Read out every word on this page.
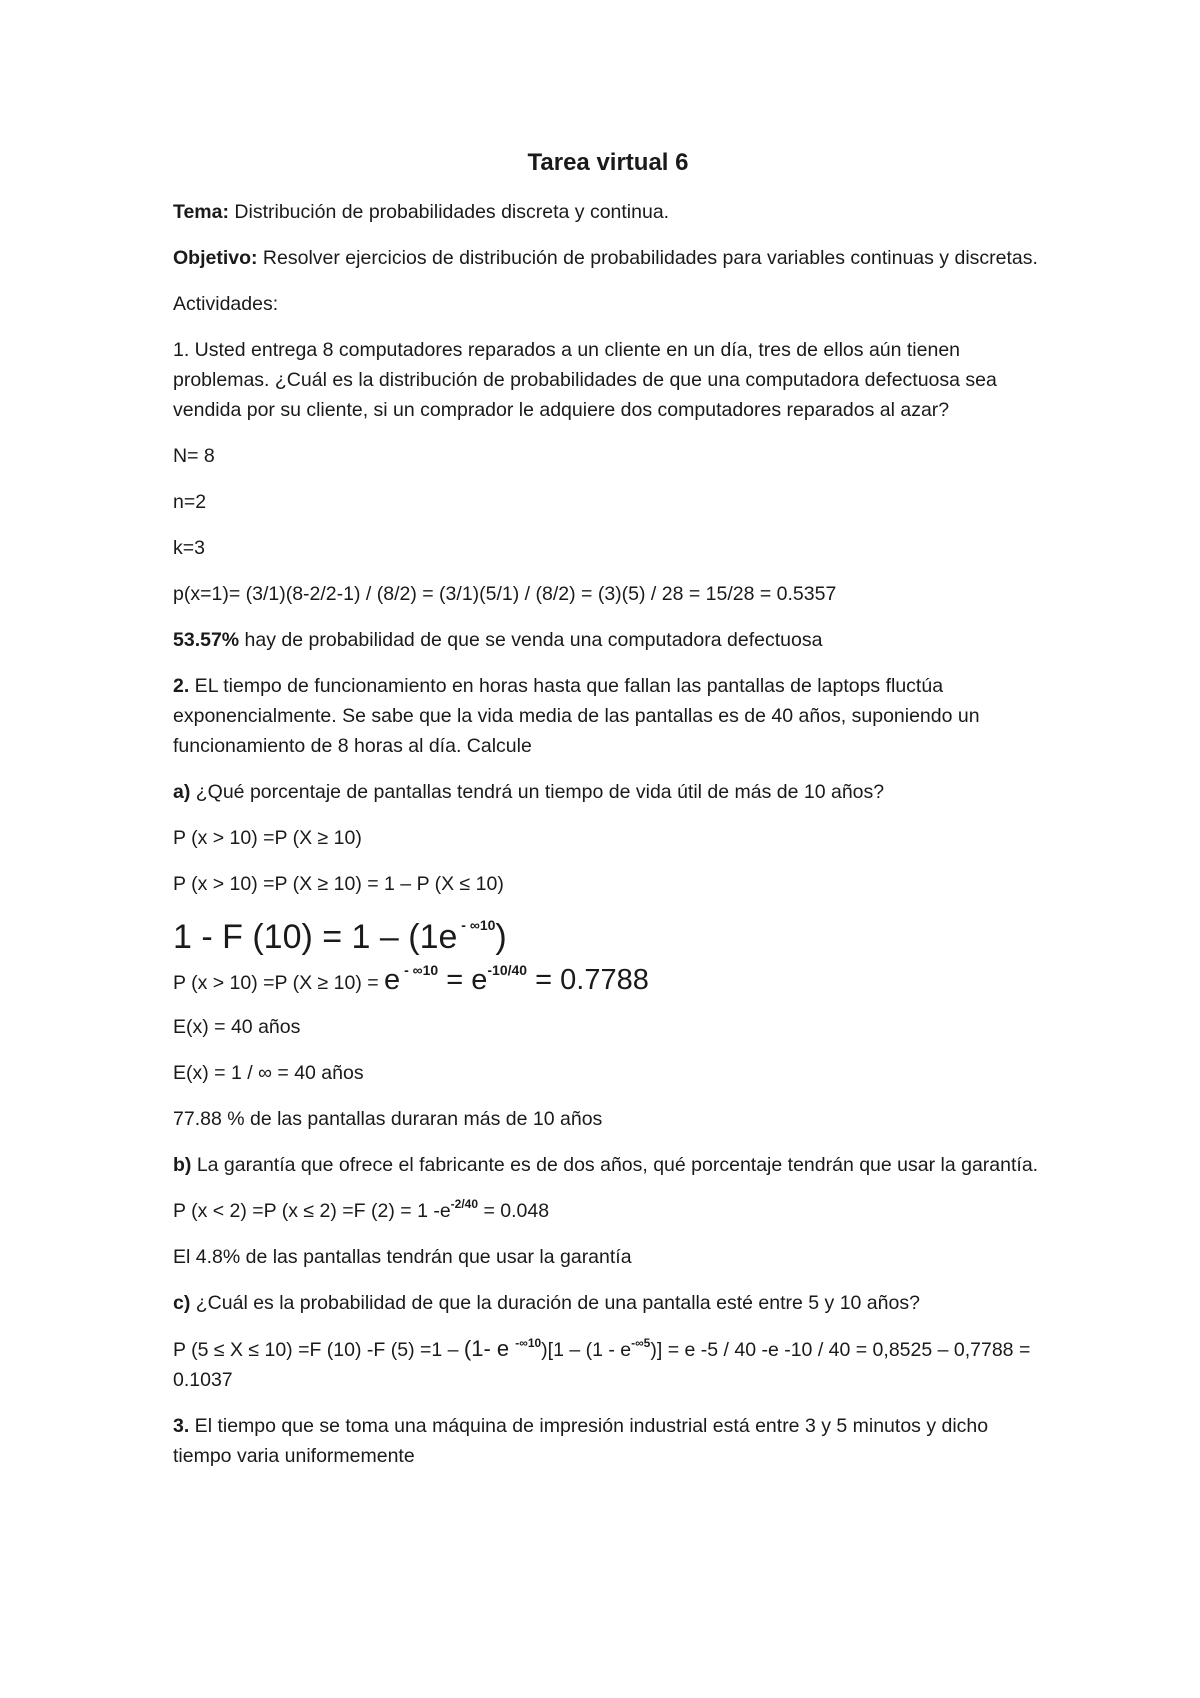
Tarea virtual 6

Tema: Distribución de probabilidades discreta y continua.

Objetivo: Resolver ejercicios de distribución de probabilidades para variables continuas y discretas.

Actividades:

1. Usted entrega 8 computadores reparados a un cliente en un día, tres de ellos aún tienen problemas. ¿Cuál es la distribución de probabilidades de que una computadora defectuosa sea vendida por su cliente, si un comprador le adquiere dos computadores reparados al azar?

N= 8

n=2

k=3

p(x=1)= (3/1)(8-2/2-1) / (8/2) = (3/1)(5/1) / (8/2) = (3)(5) / 28 = 15/28 = 0.5357

53.57% hay de probabilidad de que se venda una computadora defectuosa

2. EL tiempo de funcionamiento en horas hasta que fallan las pantallas de laptops fluctúa exponencialmente. Se sabe que la vida media de las pantallas es de 40 años, suponiendo un funcionamiento de 8 horas al día. Calcule

a) ¿Qué porcentaje de pantallas tendrá un tiempo de vida útil de más de 10 años?

P (x > 10) =P (X ≥ 10)

P (x > 10) =P (X ≥ 10) = 1 – P (X ≤ 10)

1 - F (10) = 1 – (1e $^{- \infty 10}$)

P (x > 10) =P (X ≥ 10) = e $^{- \infty 10} = e^{-10/40} = 0.7788$

E(x) = 40 años

E(x) = 1 / ∞ = 40 años

77.88 % de las pantallas duraran más de 10 años

b) La garantía que ofrece el fabricante es de dos años, qué porcentaje tendrán que usar la garantía.

P (x < 2) =P (x ≤ 2) =F (2) = 1 $-e^{-2/40} = 0.048$

El 4.8% de las pantallas tendrán que usar la garantía

c) ¿Cuál es la probabilidad de que la duración de una pantalla esté entre 5 y 10 años?

P (5 ≤ X ≤ 10) =F (10) -F (5) =1 – (1- e $^{-\infty 10})[1 - (1 - e^{-\infty 5})] = e$ -5 / 40 -e -10 / 40 = 0,8525 – 0,7788 = 0.1037

3. El tiempo que se toma una máquina de impresión industrial está entre 3 y 5 minutos y dicho tiempo varia uniformemente
